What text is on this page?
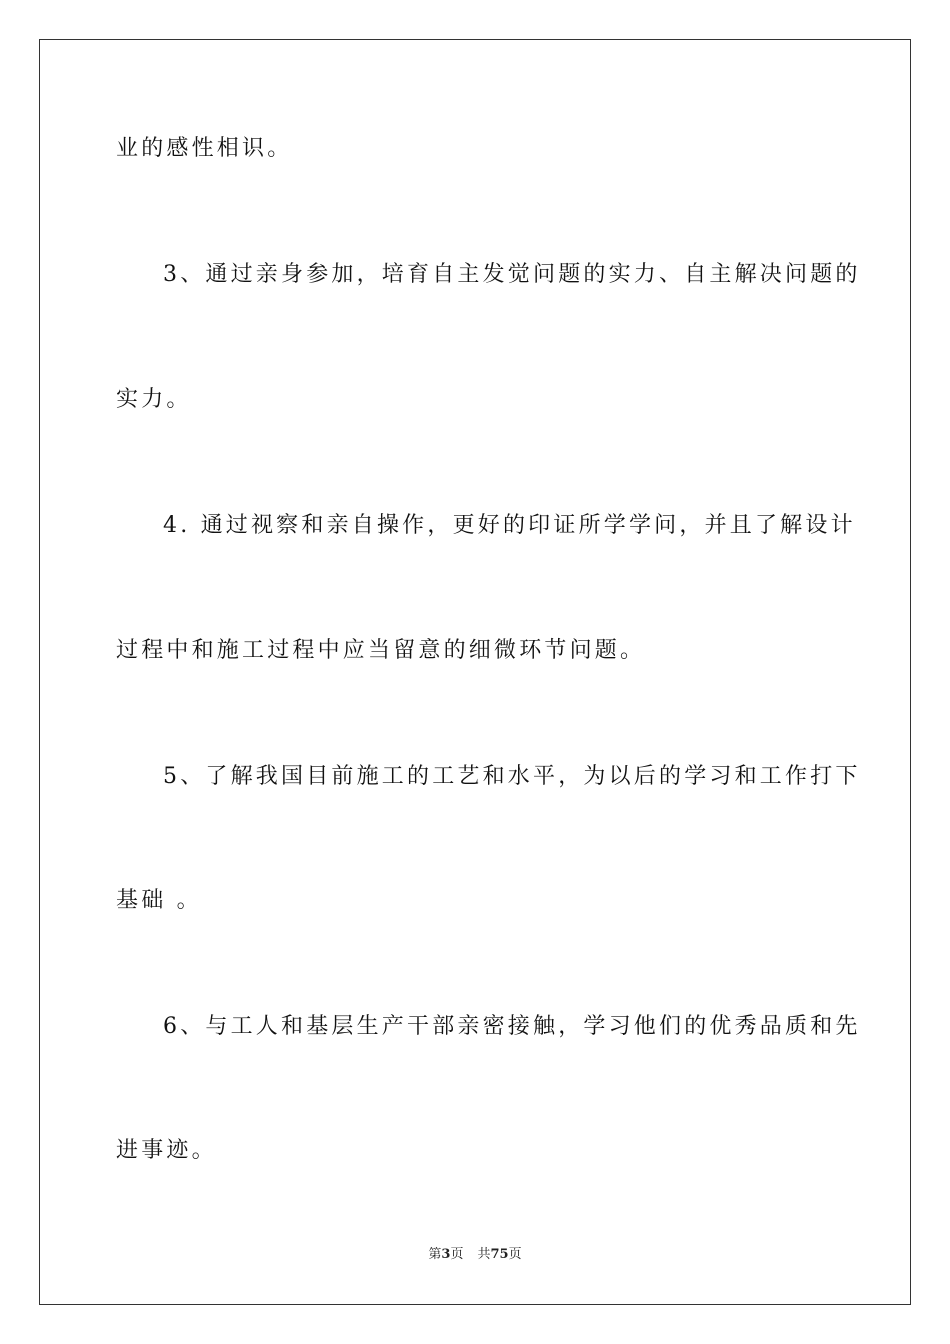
业的感性相识。
3、通过亲身参加，培育自主发觉问题的实力、自主解决问题的
实力。
4. 通过视察和亲自操作，更好的印证所学学问，并且了解设计
过程中和施工过程中应当留意的细微环节问题。
5、了解我国目前施工的工艺和水平，为以后的学习和工作打下
基础 。
6、与工人和基层生产干部亲密接触，学习他们的优秀品质和先
进事迹。
第3页 共75页
